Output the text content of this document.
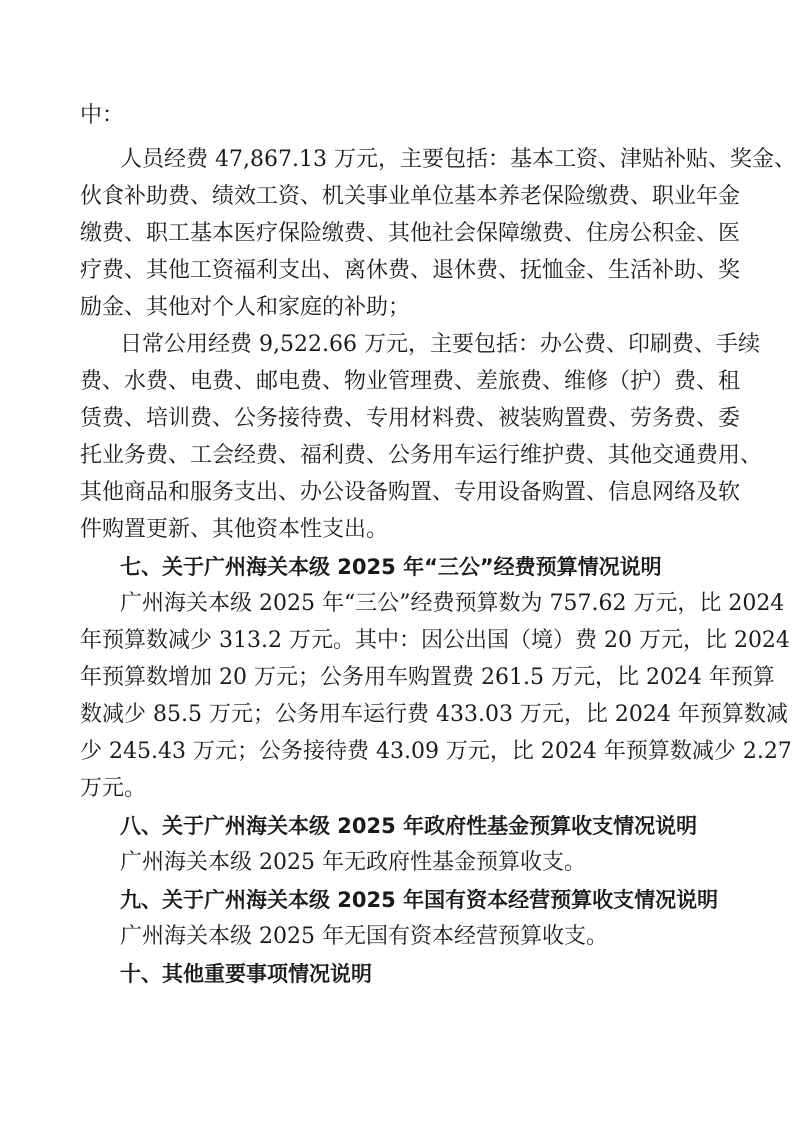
中：
人员经费 47,867.13 万元，主要包括：基本工资、津贴补贴、奖金、
伙食补助费、绩效工资、机关事业单位基本养老保险缴费、职业年金
缴费、职工基本医疗保险缴费、其他社会保障缴费、住房公积金、医
疗费、其他工资福利支出、离休费、退休费、抚恤金、生活补助、奖
励金、其他对个人和家庭的补助；
日常公用经费 9,522.66 万元，主要包括：办公费、印刷费、手续
费、水费、电费、邮电费、物业管理费、差旅费、维修（护）费、租
赁费、培训费、公务接待费、专用材料费、被装购置费、劳务费、委
托业务费、工会经费、福利费、公务用车运行维护费、其他交通费用、
其他商品和服务支出、办公设备购置、专用设备购置、信息网络及软
件购置更新、其他资本性支出。
七、关于广州海关本级 2025 年“三公”经费预算情况说明
广州海关本级 2025 年“三公”经费预算数为 757.62 万元，比 2024
年预算数减少 313.2 万元。其中：因公出国（境）费 20 万元，比 2024
年预算数增加 20 万元；公务用车购置费 261.5 万元，比 2024 年预算
数减少 85.5 万元；公务用车运行费 433.03 万元，比 2024 年预算数减
少 245.43 万元；公务接待费 43.09 万元，比 2024 年预算数减少 2.27
万元。
八、关于广州海关本级 2025 年政府性基金预算收支情况说明
广州海关本级 2025 年无政府性基金预算收支。
九、关于广州海关本级 2025 年国有资本经营预算收支情况说明
广州海关本级 2025 年无国有资本经营预算收支。
十、其他重要事项情况说明
